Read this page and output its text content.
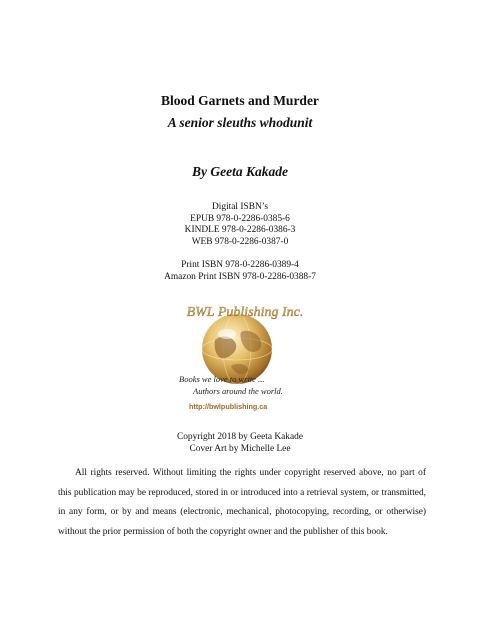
Blood Garnets and Murder
A senior sleuths whodunit
By Geeta Kakade
Digital ISBN’s
EPUB 978-0-2286-0385-6
KINDLE 978-0-2286-0386-3
WEB 978-0-2286-0387-0
Print ISBN 978-0-2286-0389-4
Amazon Print ISBN 978-0-2286-0388-7
BWL Publishing Inc.
Books we love to write ...
Authors around the world.
http://bwlpublishing.ca
Copyright 2018 by Geeta Kakade
Cover Art by Michelle Lee

All rights reserved. Without limiting the rights under copyright reserved above, no part of this publication may be reproduced, stored in or introduced into a retrieval system, or transmitted, in any form, or by and means (electronic, mechanical, photocopying, recording, or otherwise) without the prior permission of both the copyright owner and the publisher of this book.
